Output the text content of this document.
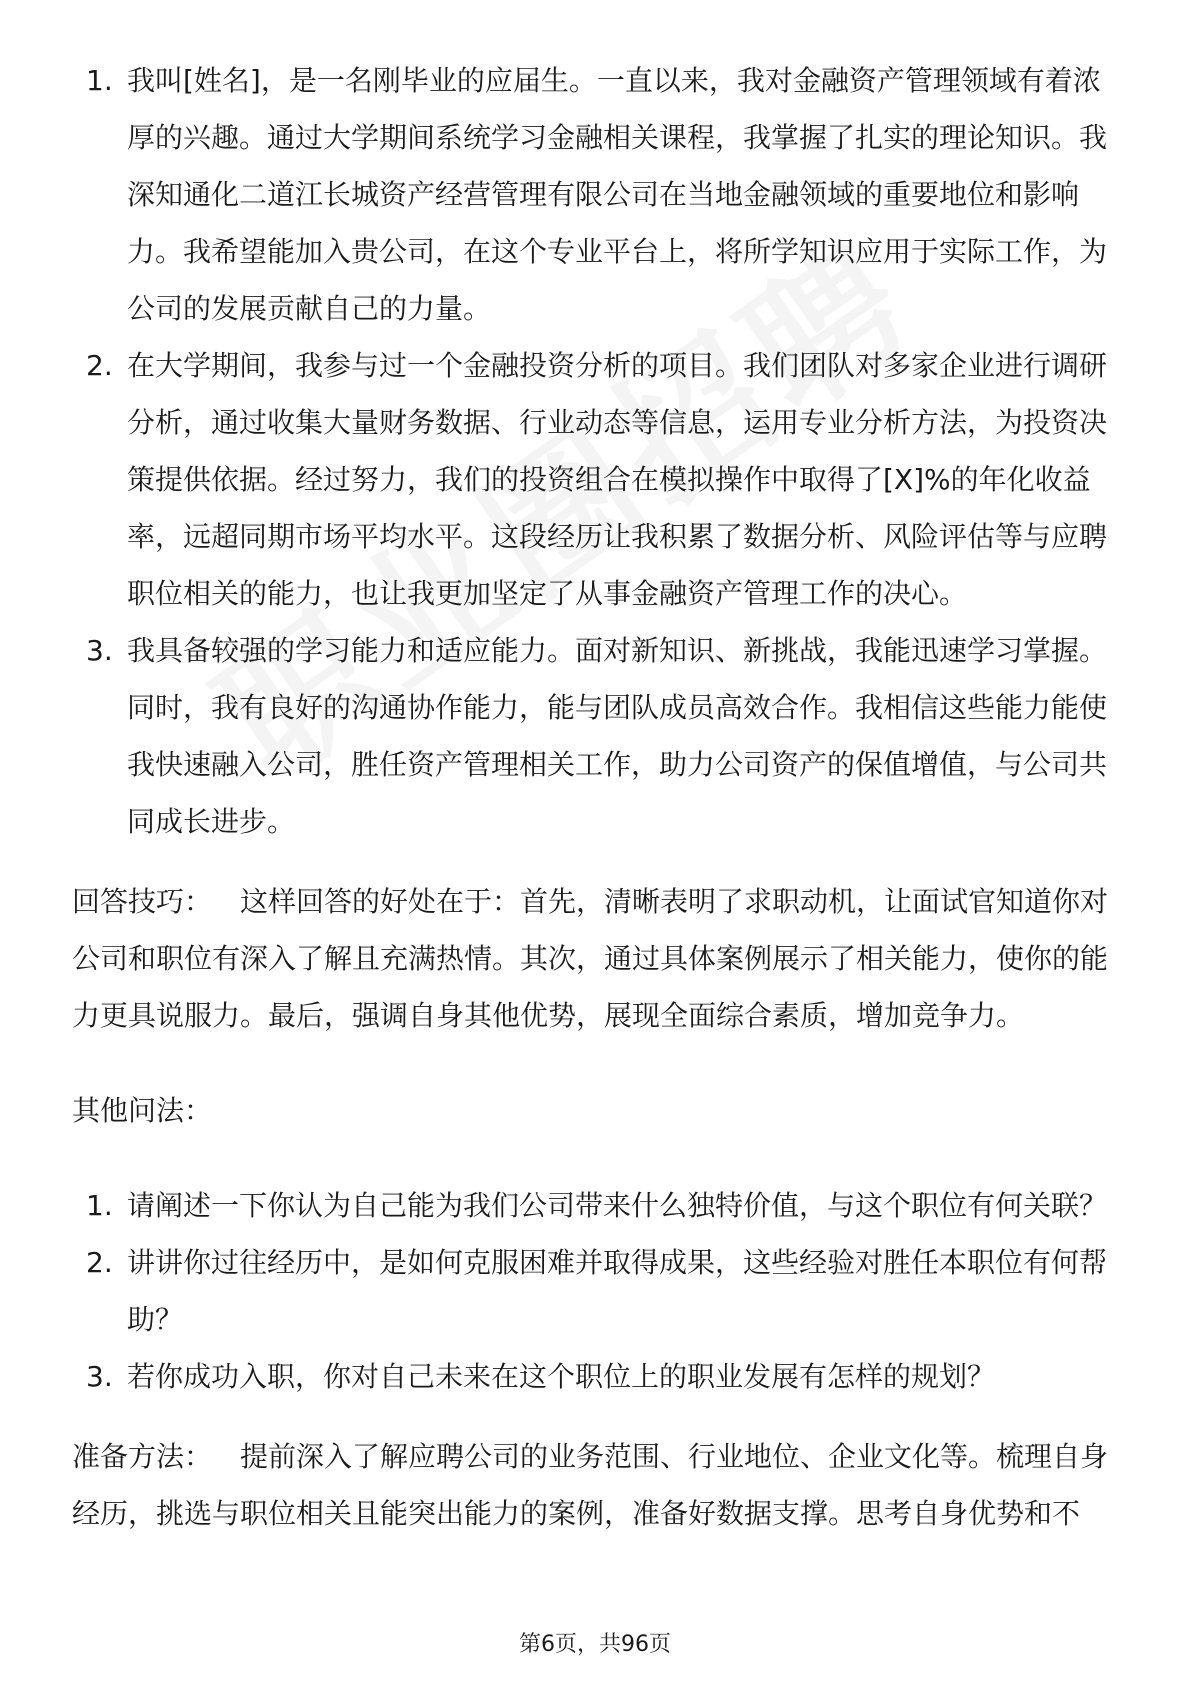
1. 我叫[姓名]，是一名刚毕业的应届生。一直以来，我对金融资产管理领域有着浓厚的兴趣。通过大学期间系统学习金融相关课程，我掌握了扎实的理论知识。我深知通化二道江长城资产经营管理有限公司在当地金融领域的重要地位和影响力。我希望能加入贵公司，在这个专业平台上，将所学知识应用于实际工作，为公司的发展贡献自己的力量。
2. 在大学期间，我参与过一个金融投资分析的项目。我们团队对多家企业进行调研分析，通过收集大量财务数据、行业动态等信息，运用专业分析方法，为投资决策提供依据。经过努力，我们的投资组合在模拟操作中取得了[X]%的年化收益率，远超同期市场平均水平。这段经历让我积累了数据分析、风险评估等与应聘职位相关的能力，也让我更加坚定了从事金融资产管理工作的决心。
3. 我具备较强的学习能力和适应能力。面对新知识、新挑战，我能迅速学习掌握。同时，我有良好的沟通协作能力，能与团队成员高效合作。我相信这些能力能使我快速融入公司，胜任资产管理相关工作，助力公司资产的保值增值，与公司共同成长进步。

回答技巧： 这样回答的好处在于：首先，清晰表明了求职动机，让面试官知道你对公司和职位有深入了解且充满热情。其次，通过具体案例展示了相关能力，使你的能力更具说服力。最后，强调自身其他优势，展现全面综合素质，增加竞争力。

其他问法：

1. 请阐述一下你认为自己能为我们公司带来什么独特价值，与这个职位有何关联？
2. 讲讲你过往经历中，是如何克服困难并取得成果，这些经验对胜任本职位有何帮助？
3. 若你成功入职，你对自己未来在这个职位上的职业发展有怎样的规划？

准备方法： 提前深入了解应聘公司的业务范围、行业地位、企业文化等。梳理自身经历，挑选与职位相关且能突出能力的案例，准备好数据支撑。思考自身优势和不

第6页，共96页
